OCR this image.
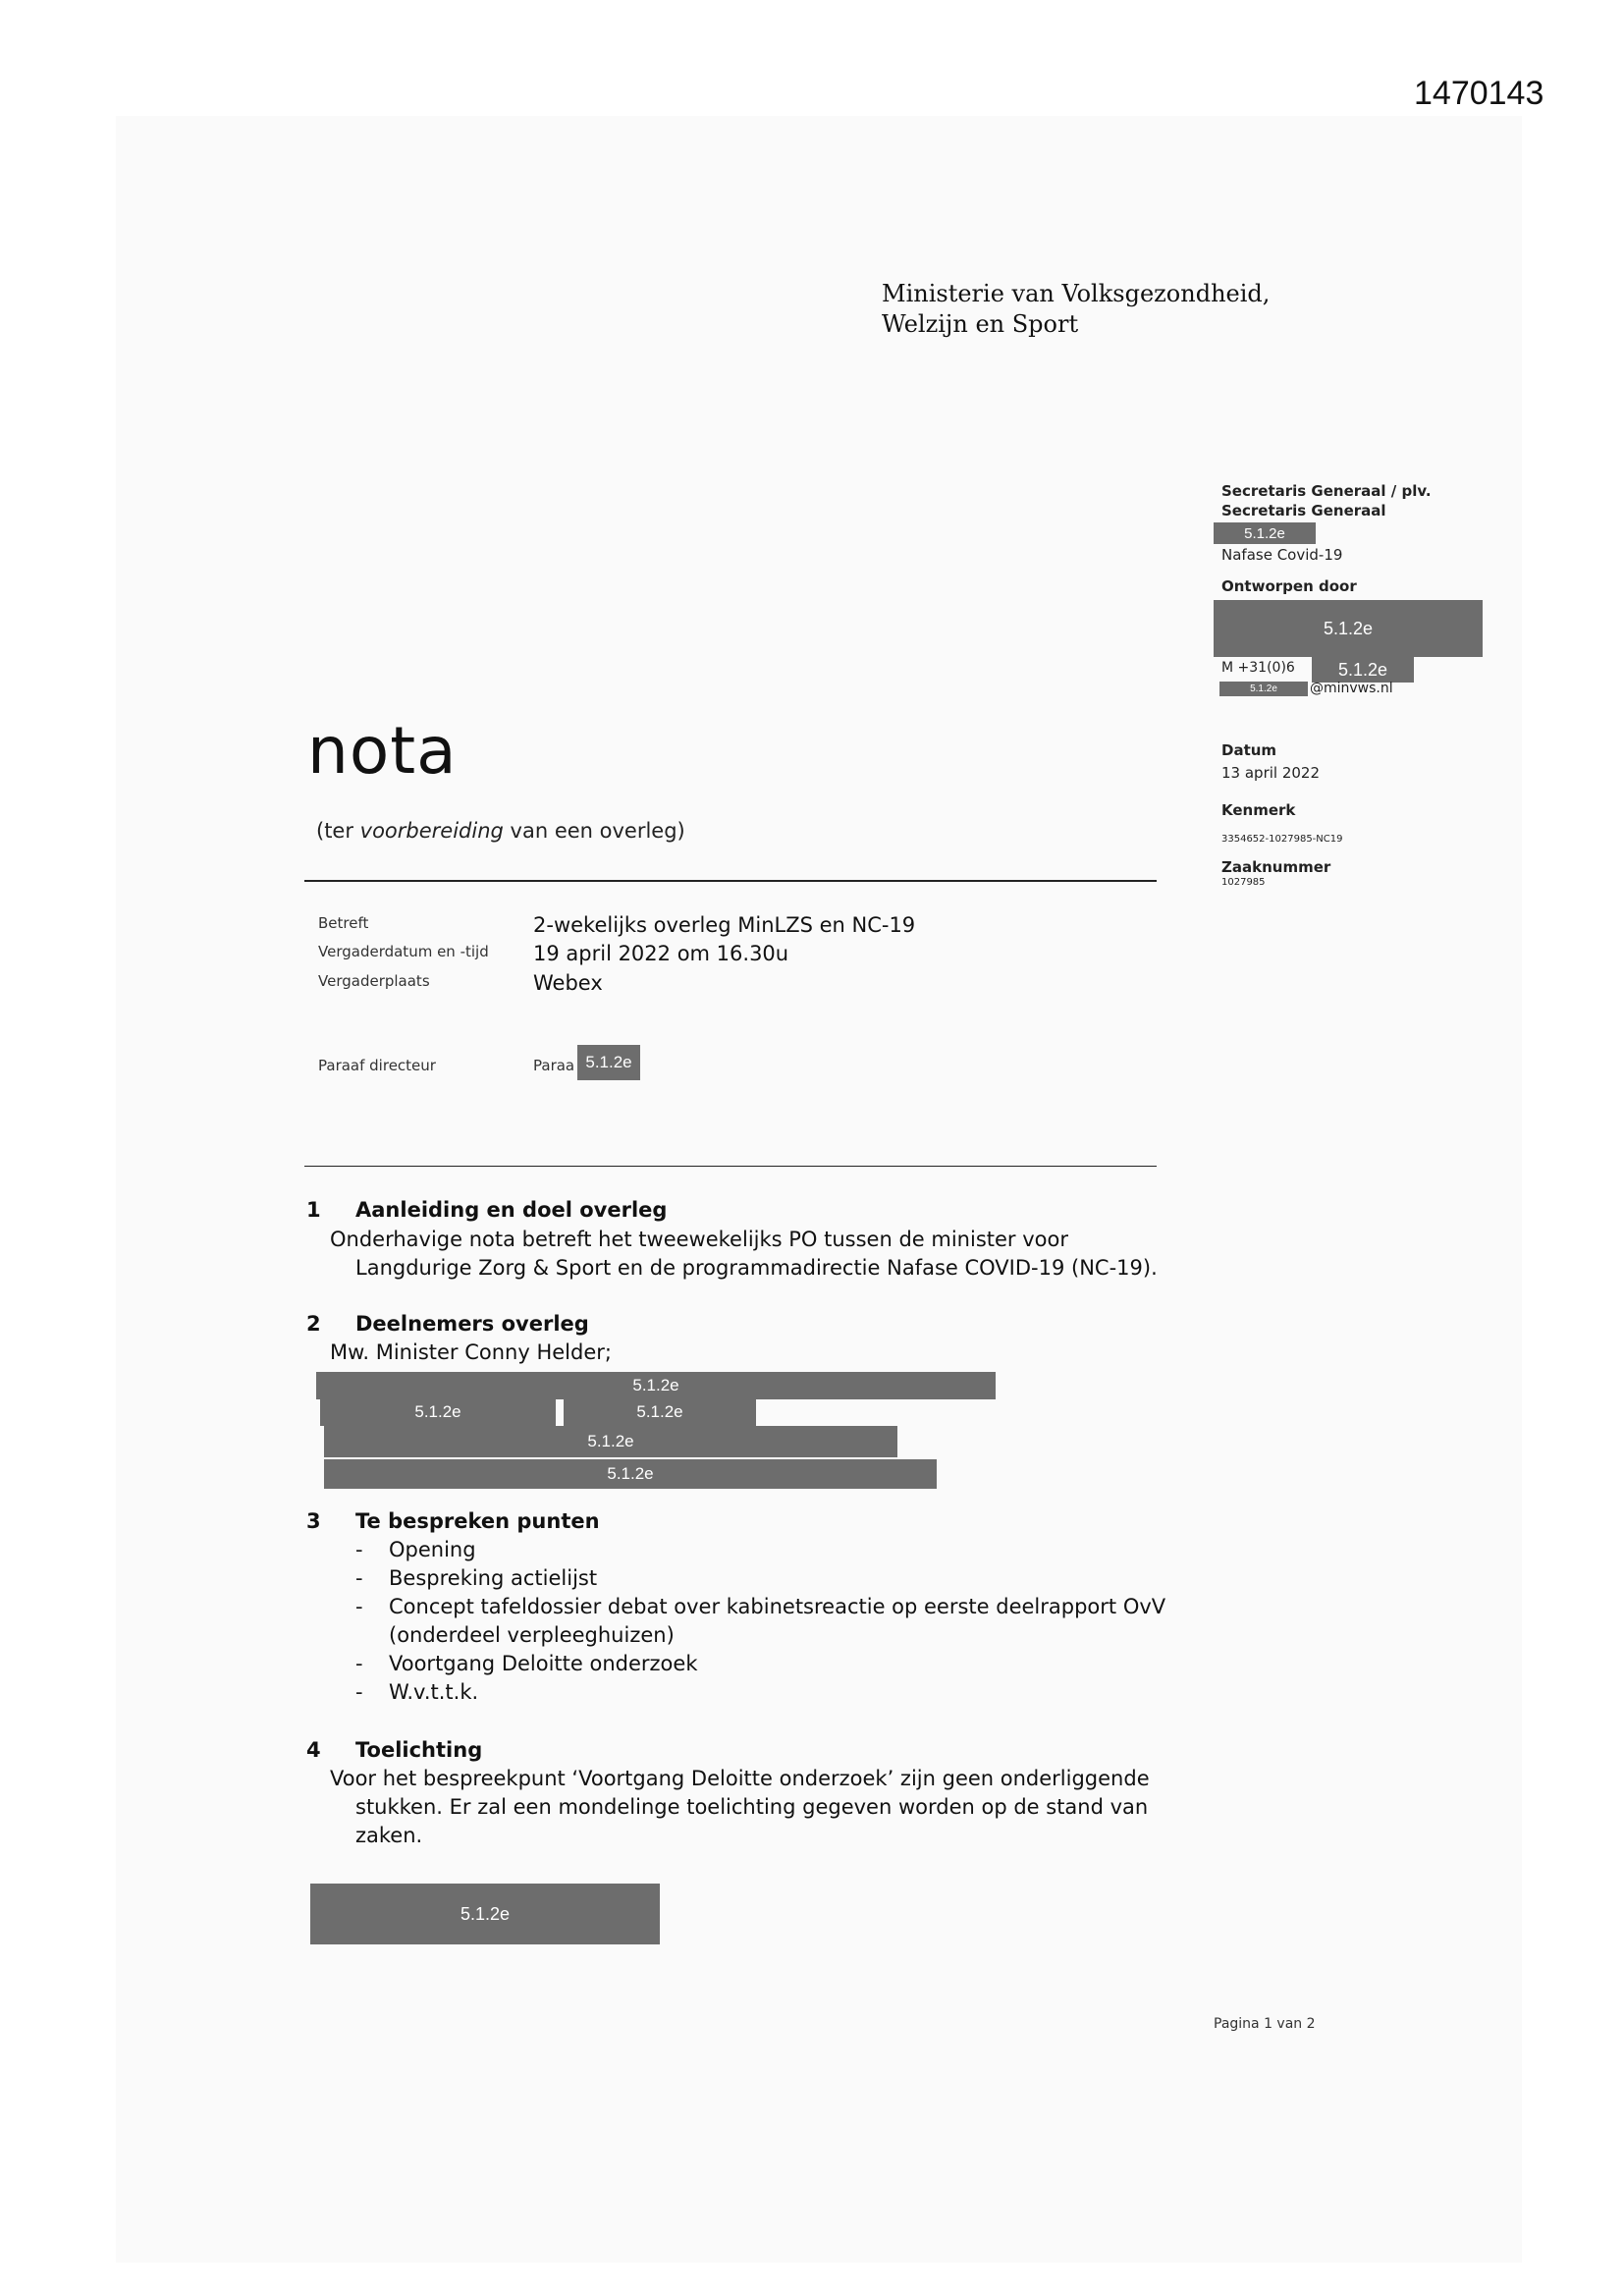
1470143
Ministerie van Volksgezondheid,
Welzijn en Sport
Secretaris Generaal / plv.
Secretaris Generaal
5.1.2e
Nafase Covid-19
Ontworpen door
5.1.2e
M +31(0)6	5.1.2e
5.1.2e	@minvws.nl
Datum
13 april 2022
Kenmerk
3354652-1027985-NC19
Zaaknummer
1027985
nota
(ter voorbereiding van een overleg)
Betreft	2-wekelijks overleg MinLZS en NC-19
Vergaderdatum en -tijd 19 april 2022 om 16.30u
Vergaderplaats	Webex
Paraaf directeur	Paraa 5.1.2e
1 Aanleiding en doel overleg
Onderhavige nota betreft het tweewekelijks PO tussen de minister voor
Langdurige Zorg & Sport en de programmadirectie Nafase COVID-19 (NC-19).
2 Deelnemers overleg
Mw. Minister Conny Helder;
5.1.2e
5.1.2e	5.1.2e
5.1.2e
5.1.2e
3 Te bespreken punten
- Opening
- Bespreking actielijst
- Concept tafeldossier debat over kabinetsreactie op eerste deelrapport OvV
(onderdeel verpleeghuizen)
- Voortgang Deloitte onderzoek
- W.v.t.t.k.
4 Toelichting
Voor het bespreekpunt ‘Voortgang Deloitte onderzoek’ zijn geen onderliggende
stukken. Er zal een mondelinge toelichting gegeven worden op de stand van
zaken.
5.1.2e
Pagina 1 van 2
